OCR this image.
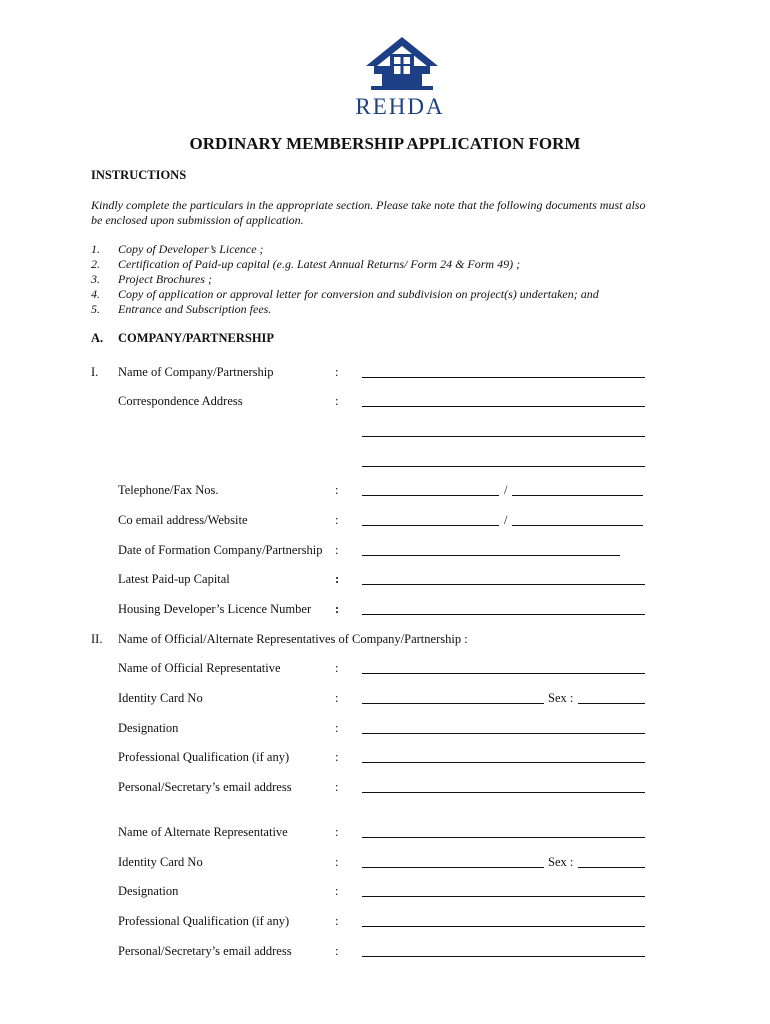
REHDA
ORDINARY MEMBERSHIP APPLICATION FORM
INSTRUCTIONS
Kindly complete the particulars in the appropriate section. Please take note that the following documents must also
be enclosed upon submission of application.
1. Copy of Developer’s Licence ;
2. Certification of Paid-up capital (e.g. Latest Annual Returns/ Form 24 & Form 49) ;
3. Project Brochures ;
4. Copy of application or approval letter for conversion and subdivision on project(s) undertaken; and
5. Entrance and Subscription fees.
A. COMPANY/PARTNERSHIP
I. Name of Company/Partnership	:
Correspondence Address	:
Telephone/Fax Nos.	:	/
Co email address/Website	:	/
Date of Formation Company/Partnership :
Latest Paid-up Capital	:
Housing Developer’s Licence Number :
II. Name of Official/Alternate Representatives of Company/Partnership :
Name of Official Representative	:
Identity Card No	:	Sex :
Designation	:
Professional Qualification (if any)	:
Personal/Secretary’s email address	:
Name of Alternate Representative	:
Identity Card No	:	Sex :
Designation	:
Professional Qualification (if any)	:
Personal/Secretary’s email address	:
